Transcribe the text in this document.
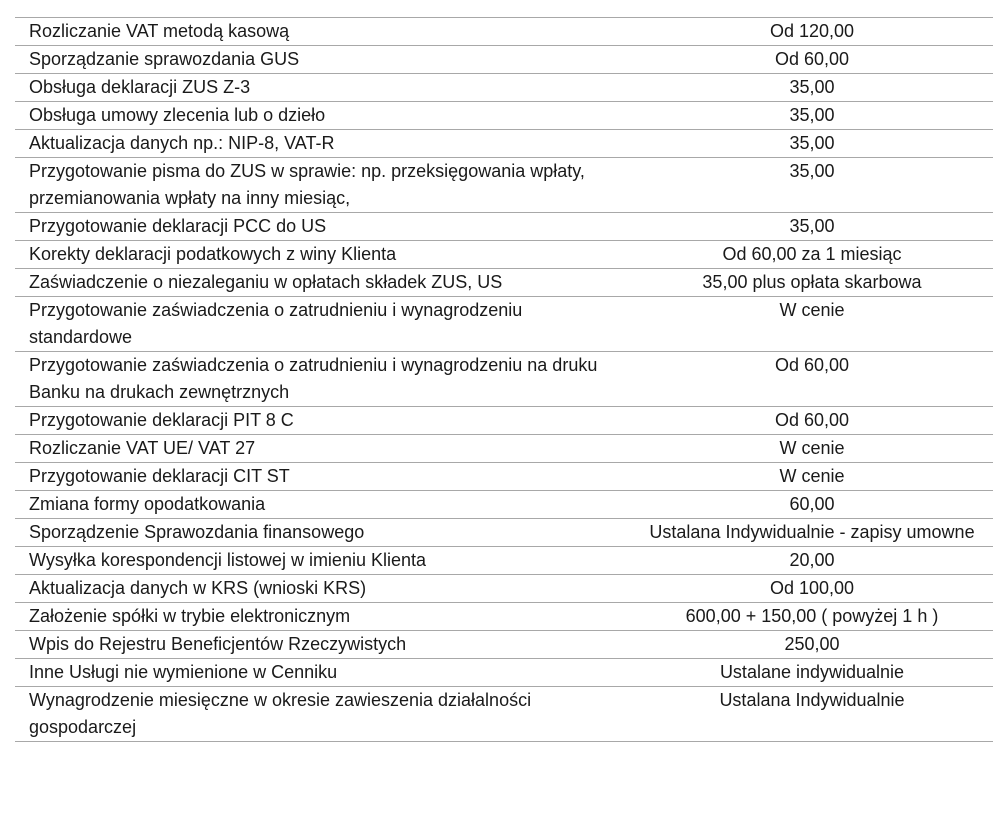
Rozliczanie VAT metodą kasową	Od 120,00
Sporządzanie sprawozdania GUS	Od 60,00
Obsługa deklaracji ZUS Z-3	35,00
Obsługa umowy zlecenia lub o dzieło	35,00
Aktualizacja danych np.: NIP-8, VAT-R	35,00
Przygotowanie pisma do ZUS w sprawie: np. przeksięgowania wpłaty, przemianowania wpłaty na inny miesiąc,	35,00
Przygotowanie deklaracji PCC do US	35,00
Korekty deklaracji podatkowych z winy Klienta	Od 60,00 za 1 miesiąc
Zaświadczenie o niezaleganiu w opłatach składek ZUS, US	35,00 plus opłata skarbowa
Przygotowanie zaświadczenia o zatrudnieniu i wynagrodzeniu standardowe	W cenie
Przygotowanie zaświadczenia o zatrudnieniu i wynagrodzeniu na druku Banku na drukach zewnętrznych	Od 60,00
Przygotowanie deklaracji PIT 8 C	Od 60,00
Rozliczanie VAT UE/ VAT 27	W cenie
Przygotowanie deklaracji CIT ST	W cenie
Zmiana formy opodatkowania	60,00
Sporządzenie Sprawozdania finansowego	Ustalana Indywidualnie - zapisy umowne
Wysyłka korespondencji listowej w imieniu Klienta	20,00
Aktualizacja danych w KRS (wnioski KRS)	Od 100,00
Założenie spółki w trybie elektronicznym	600,00 + 150,00 ( powyżej 1 h )
Wpis do Rejestru Beneficjentów Rzeczywistych	250,00
Inne Usługi nie wymienione w Cenniku	Ustalane indywidualnie
Wynagrodzenie miesięczne w okresie zawieszenia działalności gospodarczej	Ustalana Indywidualnie
